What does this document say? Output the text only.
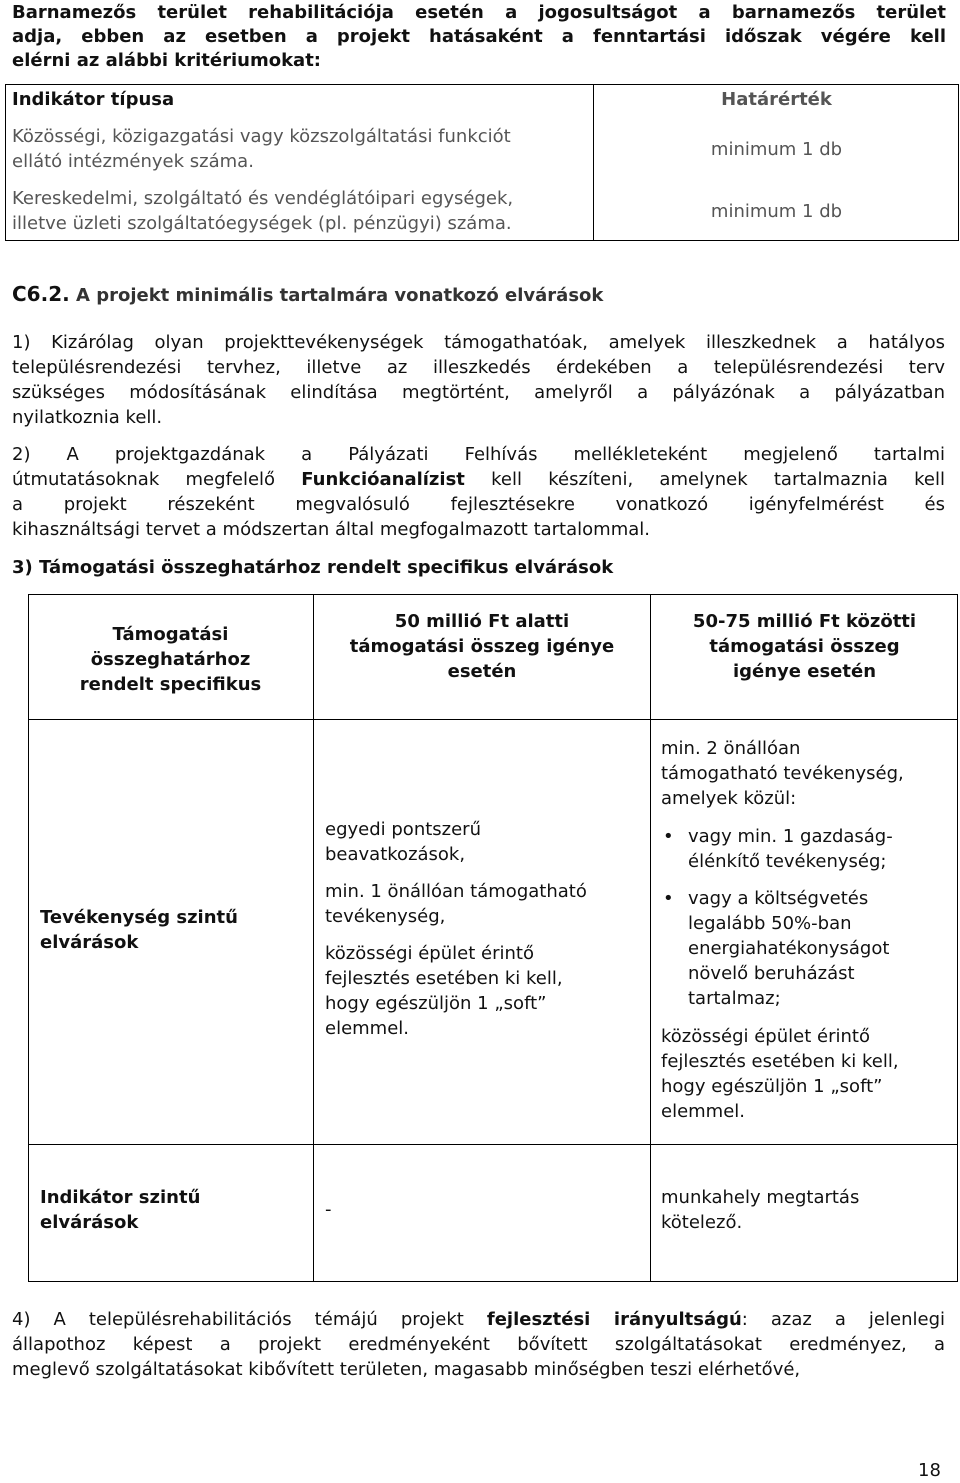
Barnamezős terület rehabilitációja esetén a jogosultságot a barnamezős terület
adja, ebben az esetben a projekt hatásaként a fenntartási időszak végére kell
elérni az alábbi kritériumokat:
Indikátor típusa	Határérték
Közösségi, közigazgatási vagy közszolgáltatási funkciót
ellátó intézmények száma.
minimum 1 db
Kereskedelmi, szolgáltató és vendéglátóipari egységek,
illetve üzleti szolgáltatóegységek (pl. pénzügyi) száma.
minimum 1 db
C6.2. A projekt minimális tartalmára vonatkozó elvárások
1) Kizárólag olyan projekttevékenységek támogathatóak, amelyek illeszkednek a hatályos
településrendezési tervhez, illetve az illeszkedés érdekében a településrendezési terv
szükséges módosításának elindítása megtörtént, amelyről a pályázónak a pályázatban
nyilatkoznia kell.
2) A projektgazdának a Pályázati Felhívás mellékleteként megjelenő tartalmi
útmutatásoknak megfelelő Funkcióanalízist kell készíteni, amelynek tartalmaznia kell
a projekt részeként megvalósuló fejlesztésekre vonatkozó igényfelmérést és
kihasználtsági tervet a módszertan által megfogalmazott tartalommal.
3) Támogatási összeghatárhoz rendelt specifikus elvárások
Támogatási
összeghatárhoz
rendelt specifikus
50 millió Ft alatti
támogatási összeg igénye
esetén
50-75 millió Ft közötti
támogatási összeg
igénye esetén
Tevékenység szintű
elvárások
egyedi pontszerű
beavatkozások,
min. 1 önállóan támogatható
tevékenység,
közösségi épület érintő
fejlesztés esetében ki kell,
hogy egészüljön 1 „soft”
elemmel.
min. 2 önállóan
támogatható tevékenység,
amelyek közül:
• vagy min. 1 gazdaság-
élénkítő tevékenység;
• vagy a költségvetés
legalább 50%-ban
energiahatékonyságot
növelő beruházást
tartalmaz;
közösségi épület érintő
fejlesztés esetében ki kell,
hogy egészüljön 1 „soft”
elemmel.
Indikátor szintű
elvárások
-
munkahely megtartás
kötelező.
4) A településrehabilitációs témájú projekt fejlesztési irányultságú: azaz a jelenlegi
állapothoz képest a projekt eredményeként bővített szolgáltatásokat eredményez, a
meglevő szolgáltatásokat kibővített területen, magasabb minőségben teszi elérhetővé,
18
